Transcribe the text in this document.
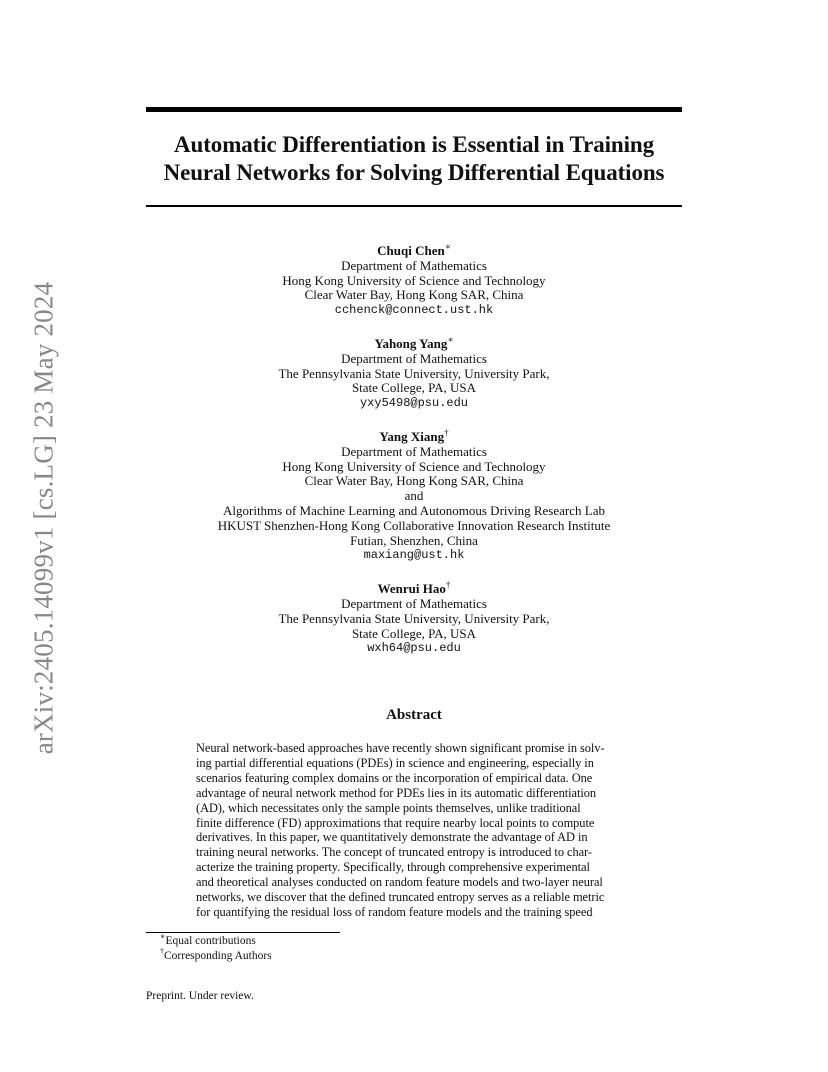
arXiv:2405.14099v1 [cs.LG] 23 May 2024
Automatic Differentiation is Essential in Training
Neural Networks for Solving Differential Equations
Chuqi Chen∗
Department of Mathematics
Hong Kong University of Science and Technology
Clear Water Bay, Hong Kong SAR, China
cchenck@connect.ust.hk
Yahong Yang∗
Department of Mathematics
The Pennsylvania State University, University Park,
State College, PA, USA
yxy5498@psu.edu
Yang Xiang†
Department of Mathematics
Hong Kong University of Science and Technology
Clear Water Bay, Hong Kong SAR, China
and
Algorithms of Machine Learning and Autonomous Driving Research Lab
HKUST Shenzhen-Hong Kong Collaborative Innovation Research Institute
Futian, Shenzhen, China
maxiang@ust.hk
Wenrui Hao†
Department of Mathematics
The Pennsylvania State University, University Park,
State College, PA, USA
wxh64@psu.edu
Abstract
Neural network-based approaches have recently shown significant promise in solv-
ing partial differential equations (PDEs) in science and engineering, especially in
scenarios featuring complex domains or the incorporation of empirical data. One
advantage of neural network method for PDEs lies in its automatic differentiation
(AD), which necessitates only the sample points themselves, unlike traditional
finite difference (FD) approximations that require nearby local points to compute
derivatives. In this paper, we quantitatively demonstrate the advantage of AD in
training neural networks. The concept of truncated entropy is introduced to char-
acterize the training property. Specifically, through comprehensive experimental
and theoretical analyses conducted on random feature models and two-layer neural
networks, we discover that the defined truncated entropy serves as a reliable metric
for quantifying the residual loss of random feature models and the training speed
∗Equal contributions
†Corresponding Authors
Preprint. Under review.
